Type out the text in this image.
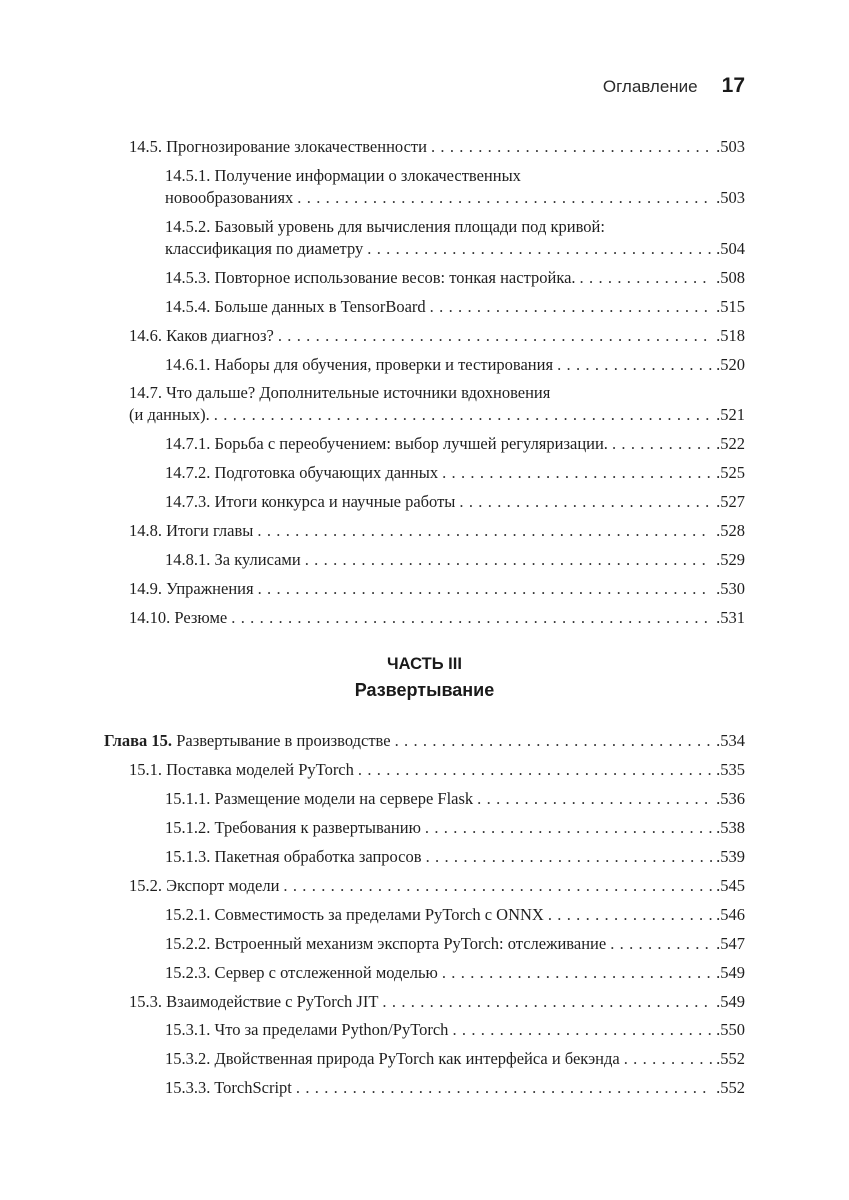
Оглавление 17
14.5. Прогнозирование злокачественности . . .	.503
14.5.1. Получение информации о злокачественных
новообразованиях . . .	.503
14.5.2. Базовый уровень для вычисления площади под кривой:
классификация по диаметру . . .	.504
14.5.3. Повторное использование весов: тонкая настройка. . . .	.508
14.5.4. Больше данных в TensorBoard . . .	.515
14.6. Каков диагноз? . . .	.518
14.6.1. Наборы для обучения, проверки и тестирования . . .	.520
14.7. Что дальше? Дополнительные источники вдохновения
(и данных). . . .	.521
14.7.1. Борьба с переобучением: выбор лучшей регуляризации. . . .	.522
14.7.2. Подготовка обучающих данных . . .	.525
14.7.3. Итоги конкурса и научные работы . . .	.527
14.8. Итоги главы . . .	.528
14.8.1. За кулисами . . .	.529
14.9. Упражнения . . .	.530
14.10. Резюме . . .	.531
ЧАСТЬ III
Развертывание
Глава 15. Развертывание в производстве . . .	.534
15.1. Поставка моделей PyTorch . . .	.535
15.1.1. Размещение модели на сервере Flask . . .	.536
15.1.2. Требования к развертыванию . . .	.538
15.1.3. Пакетная обработка запросов . . .	.539
15.2. Экспорт модели . . .	.545
15.2.1. Совместимость за пределами PyTorch с ONNX . . .	.546
15.2.2. Встроенный механизм экспорта PyTorch: отслеживание . . .	.547
15.2.3. Сервер с отслеженной моделью . . .	.549
15.3. Взаимодействие с PyTorch JIT . . .	.549
15.3.1. Что за пределами Python/PyTorch . . .	.550
15.3.2. Двойственная природа PyTorch как интерфейса и бекэнда . . .	.552
15.3.3. TorchScript . . .	.552
